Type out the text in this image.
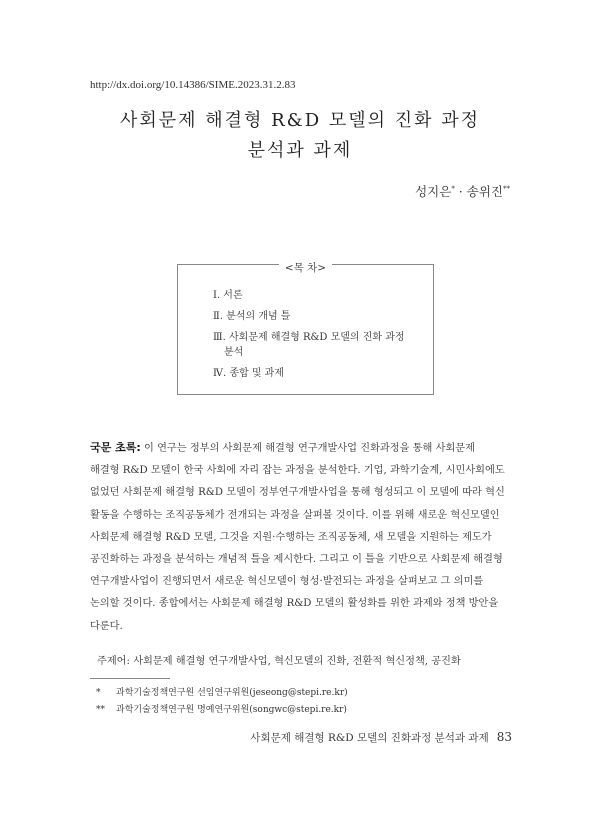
http://dx.doi.org/10.14386/SIME.2023.31.2.83
사회문제 해결형 R&D 모델의 진화 과정
분석과 과제
성지은* · 송위진**
<목 차>
Ⅰ. 서론
Ⅱ. 분석의 개념 틀
Ⅲ. 사회문제 해결형 R&D 모델의 진화 과정
분석
Ⅳ. 종합 및 과제
국문 초록: 이 연구는 정부의 사회문제 해결형 연구개발사업 진화과정을 통해 사회문제
해결형 R&D 모델이 한국 사회에 자리 잡는 과정을 분석한다. 기업, 과학기술계, 시민사회에도
없었던 사회문제 해결형 R&D 모델이 정부연구개발사업을 통해 형성되고 이 모델에 따라 혁신
활동을 수행하는 조직공동체가 전개되는 과정을 살펴볼 것이다. 이를 위해 새로운 혁신모델인
사회문제 해결형 R&D 모델, 그것을 지원·수행하는 조직공동체, 새 모델을 지원하는 제도가
공진화하는 과정을 분석하는 개념적 틀을 제시한다. 그리고 이 틀을 기반으로 사회문제 해결형
연구개발사업이 진행되면서 새로운 혁신모델이 형성·발전되는 과정을 살펴보고 그 의미를
논의할 것이다. 종합에서는 사회문제 해결형 R&D 모델의 활성화를 위한 과제와 정책 방안을
다룬다.
주제어: 사회문제 해결형 연구개발사업, 혁신모델의 진화, 전환적 혁신정책, 공진화
* 과학기술정책연구원 선임연구위원(jeseong@stepi.re.kr)
** 과학기술정책연구원 명예연구위원(songwc@stepi.re.kr)
사회문제 해결형 R&D 모델의 진화과정 분석과 과제 83
